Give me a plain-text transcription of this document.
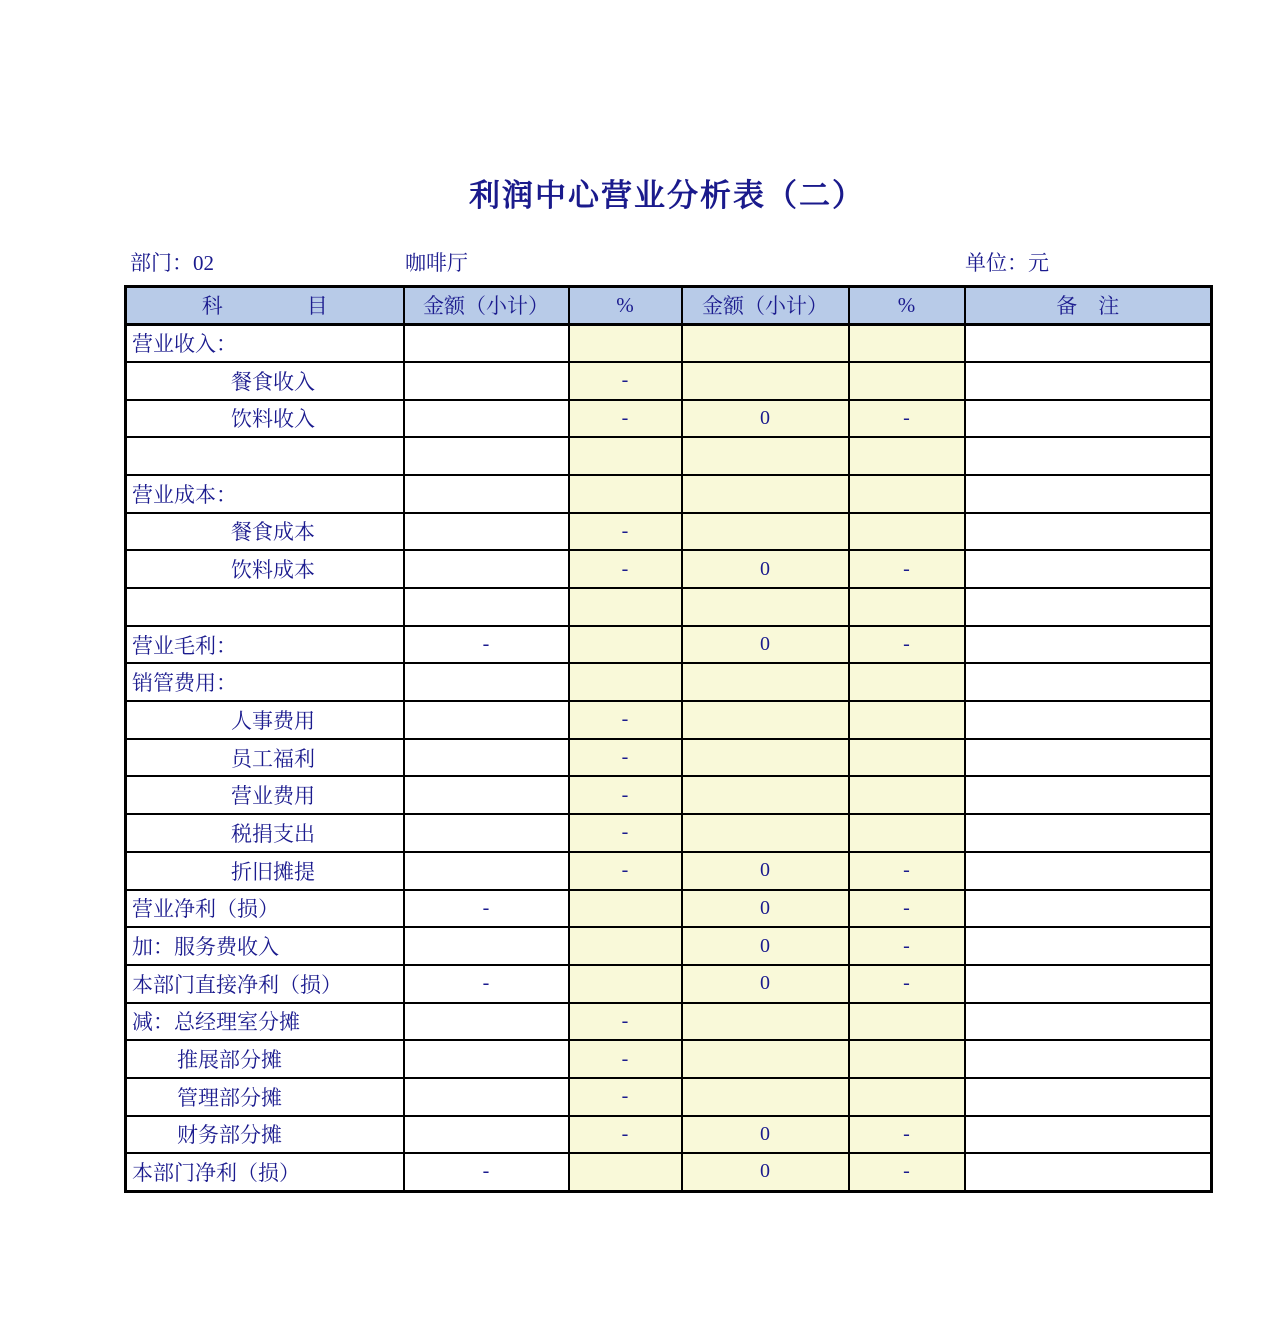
利润中心营业分析表（二）
部门：02	咖啡厅	单位：元
科　　　　目	金额（小计）	%	金额（小计）	%	备　注
营业收入：					
餐食收入		-			
饮料收入		-	0	-	

营业成本：					
餐食成本		-			
饮料成本		-	0	-	

营业毛利：	-		0	-	
销管费用：					
人事费用		-			
员工福利		-			
营业费用		-			
税捐支出		-			
折旧摊提		-	0	-	
营业净利（损）	-		0	-	
加：服务费收入			0	-	
本部门直接净利（损）	-		0	-	
减：总经理室分摊		-			
推展部分摊		-			
管理部分摊		-			
财务部分摊		-	0	-	
本部门净利（损）	-		0	-	
